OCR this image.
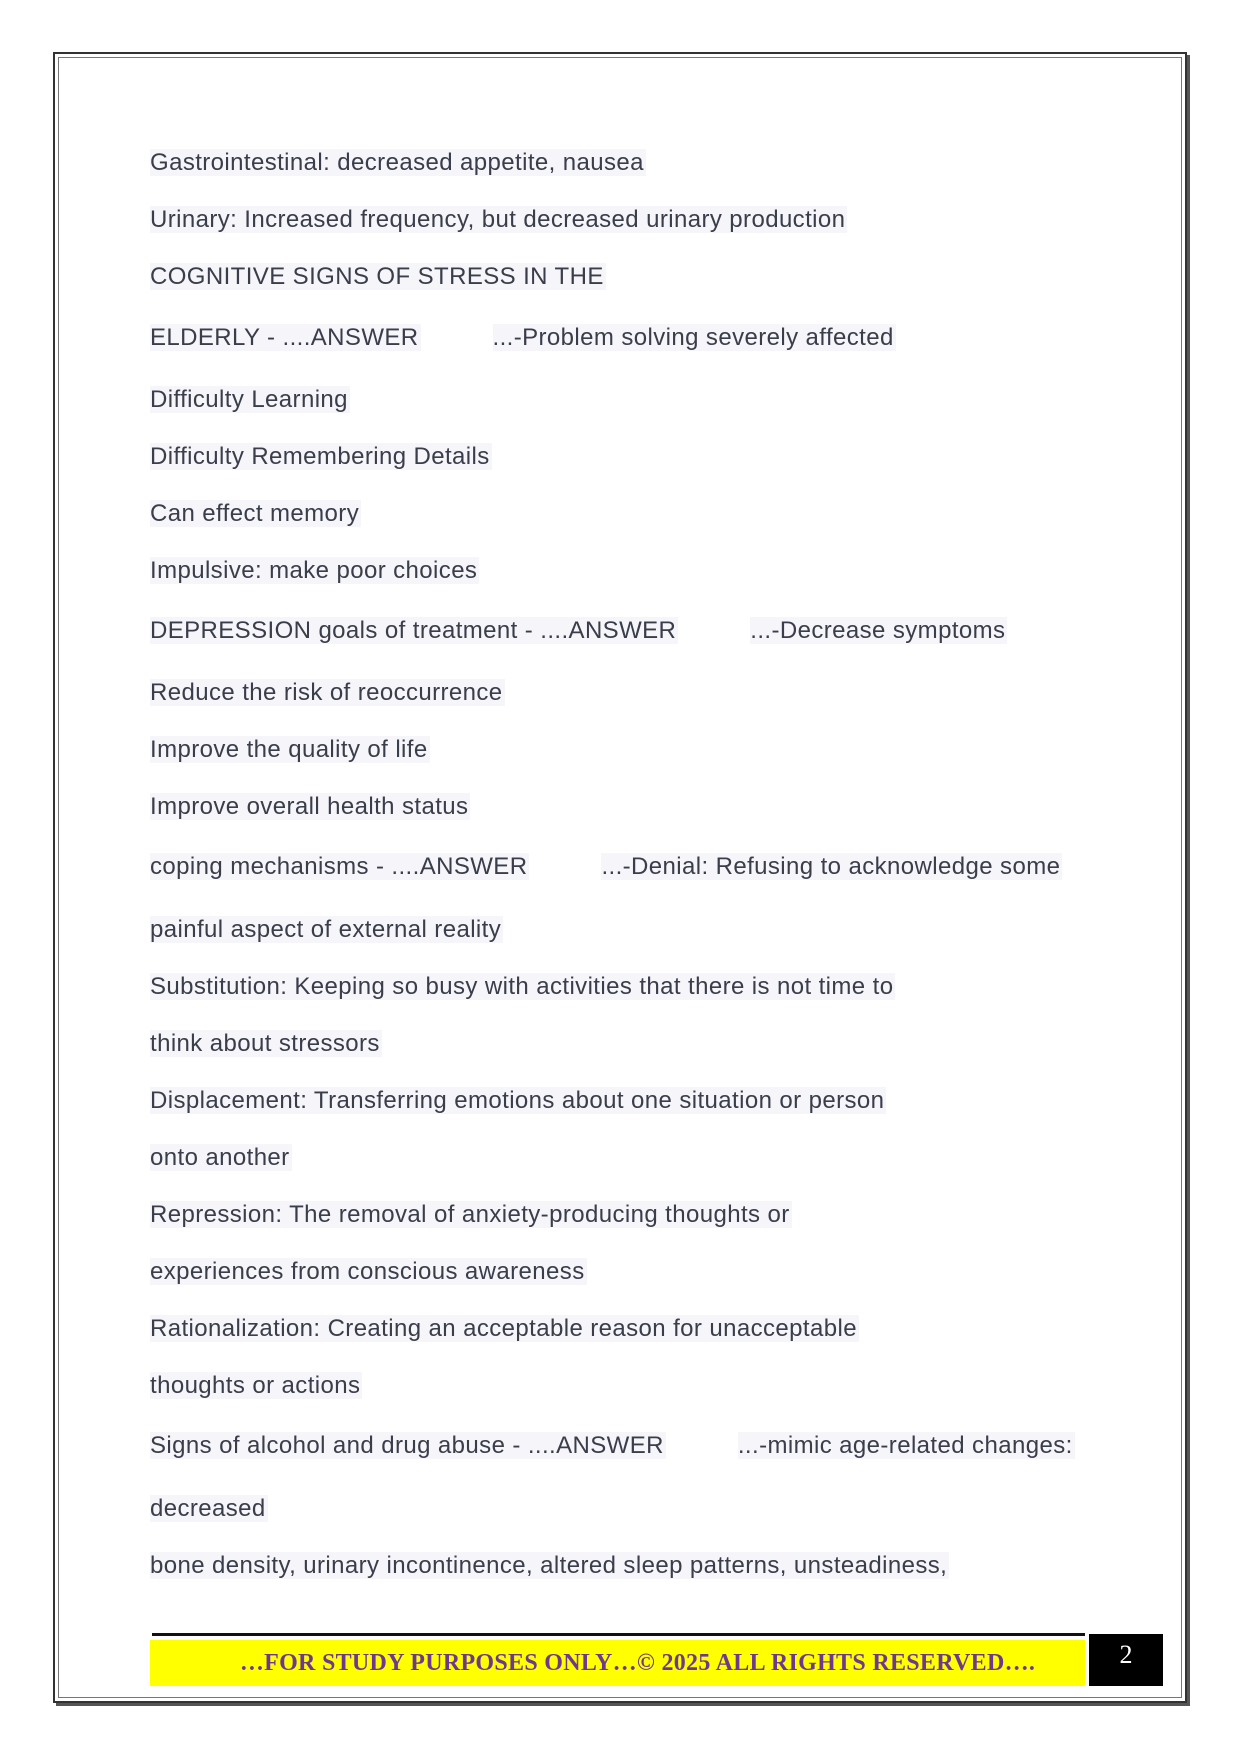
Gastrointestinal: decreased appetite, nausea
Urinary: Increased frequency, but decreased urinary production
COGNITIVE SIGNS OF STRESS IN THE
ELDERLY - ....ANSWER	...-Problem solving severely affected
Difficulty Learning
Difficulty Remembering Details
Can effect memory
Impulsive: make poor choices
DEPRESSION goals of treatment - ....ANSWER	...-Decrease symptoms
Reduce the risk of reoccurrence
Improve the quality of life
Improve overall health status
coping mechanisms - ....ANSWER	...-Denial: Refusing to acknowledge some
painful aspect of external reality
Substitution: Keeping so busy with activities that there is not time to
think about stressors
Displacement: Transferring emotions about one situation or person
onto another
Repression: The removal of anxiety-producing thoughts or
experiences from conscious awareness
Rationalization: Creating an acceptable reason for unacceptable
thoughts or actions
Signs of alcohol and drug abuse - ....ANSWER	...-mimic age-related changes:
decreased
bone density, urinary incontinence, altered sleep patterns, unsteadiness,
…FOR STUDY PURPOSES ONLY…© 2025 ALL RIGHTS RESERVED….	2
